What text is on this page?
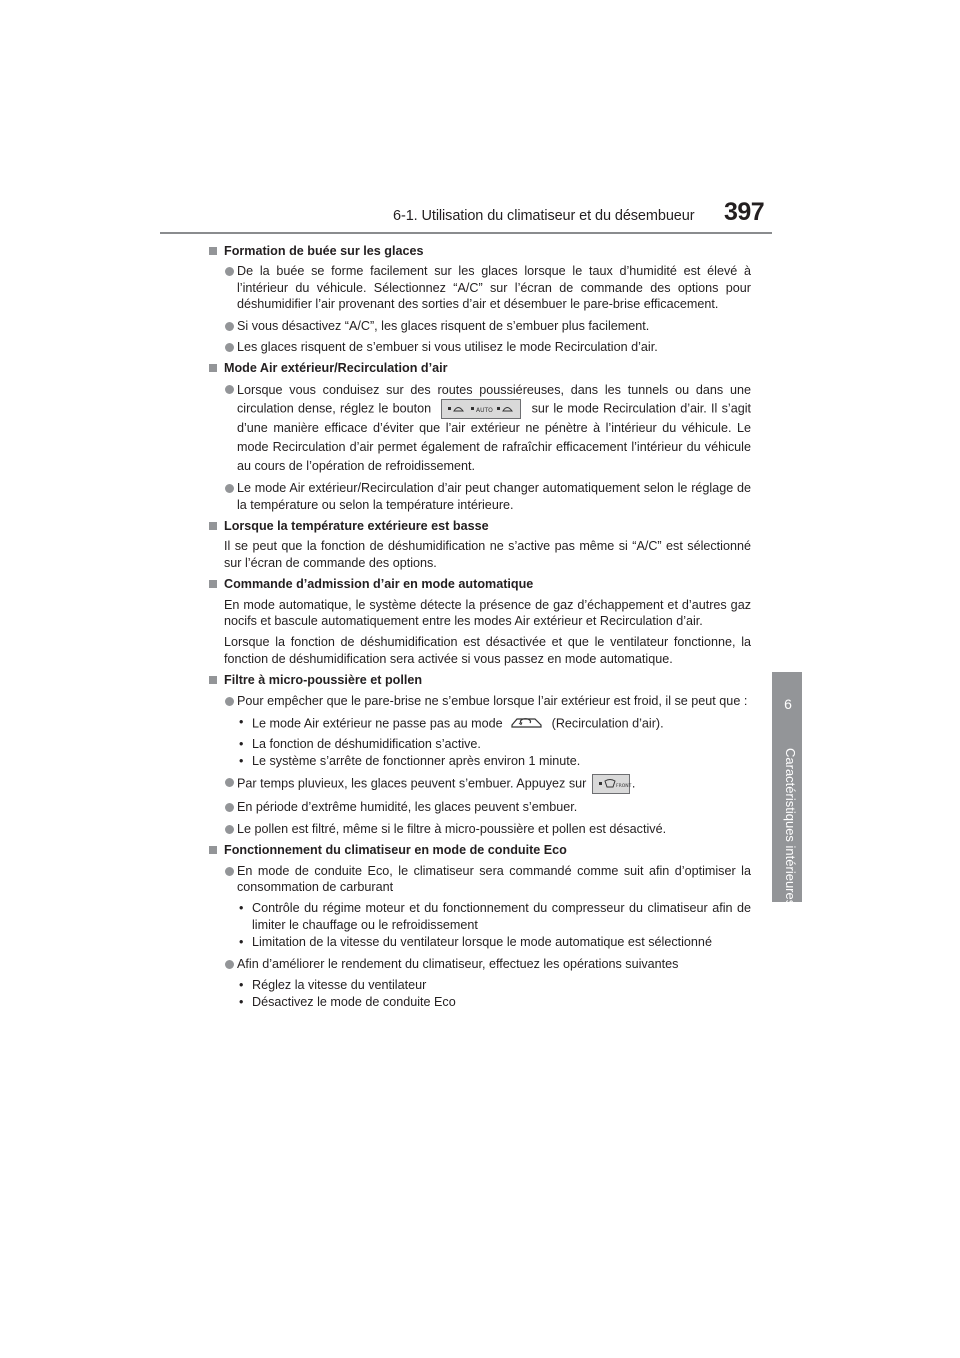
6-1. Utilisation du climatiseur et du désembueur 397
6
Caractéristiques intérieures
Formation de buée sur les glaces
De la buée se forme facilement sur les glaces lorsque le taux d’humidité est élevé à l’intérieur du véhicule. Sélectionnez “A/C” sur l’écran de commande des options pour déshumidifier l’air provenant des sorties d’air et désembuer le pare-brise efficacement.
Si vous désactivez “A/C”, les glaces risquent de s’embuer plus facilement.
Les glaces risquent de s’embuer si vous utilisez le mode Recirculation d’air.
Mode Air extérieur/Recirculation d’air
Lorsque vous conduisez sur des routes poussiéreuses, dans les tunnels ou dans une circulation dense, réglez le bouton	AUTO	sur le mode Recirculation d’air. Il s’agit d’une manière efficace d’éviter que l’air extérieur ne pénètre à l’intérieur du véhicule. Le mode Recirculation d’air permet également de rafraîchir efficacement l’intérieur du véhicule au cours de l’opération de refroidissement.
Le mode Air extérieur/Recirculation d’air peut changer automatiquement selon le réglage de la température ou selon la température intérieure.
Lorsque la température extérieure est basse
Il se peut que la fonction de déshumidification ne s’active pas même si “A/C” est sélectionné sur l’écran de commande des options.
Commande d’admission d’air en mode automatique
En mode automatique, le système détecte la présence de gaz d’échappement et d’autres gaz nocifs et bascule automatiquement entre les modes Air extérieur et Recirculation d’air.
Lorsque la fonction de déshumidification est désactivée et que le ventilateur fonctionne, la fonction de déshumidification sera activée si vous passez en mode automatique.
Filtre à micro-poussière et pollen
Pour empêcher que le pare-brise ne s’embue lorsque l’air extérieur est froid, il se peut que :
• Le mode Air extérieur ne passe pas au mode	(Recirculation d’air).
• La fonction de déshumidification s’active.
• Le système s’arrête de fonctionner après environ 1 minute.
Par temps pluvieux, les glaces peuvent s’embuer. Appuyez sur	FRONT .
En période d’extrême humidité, les glaces peuvent s’embuer.
Le pollen est filtré, même si le filtre à micro-poussière et pollen est désactivé.
Fonctionnement du climatiseur en mode de conduite Eco
En mode de conduite Eco, le climatiseur sera commandé comme suit afin d’optimiser la consommation de carburant
• Contrôle du régime moteur et du fonctionnement du compresseur du climatiseur afin de limiter le chauffage ou le refroidissement
• Limitation de la vitesse du ventilateur lorsque le mode automatique est sélectionné
Afin d’améliorer le rendement du climatiseur, effectuez les opérations suivantes
• Réglez la vitesse du ventilateur
• Désactivez le mode de conduite Eco
